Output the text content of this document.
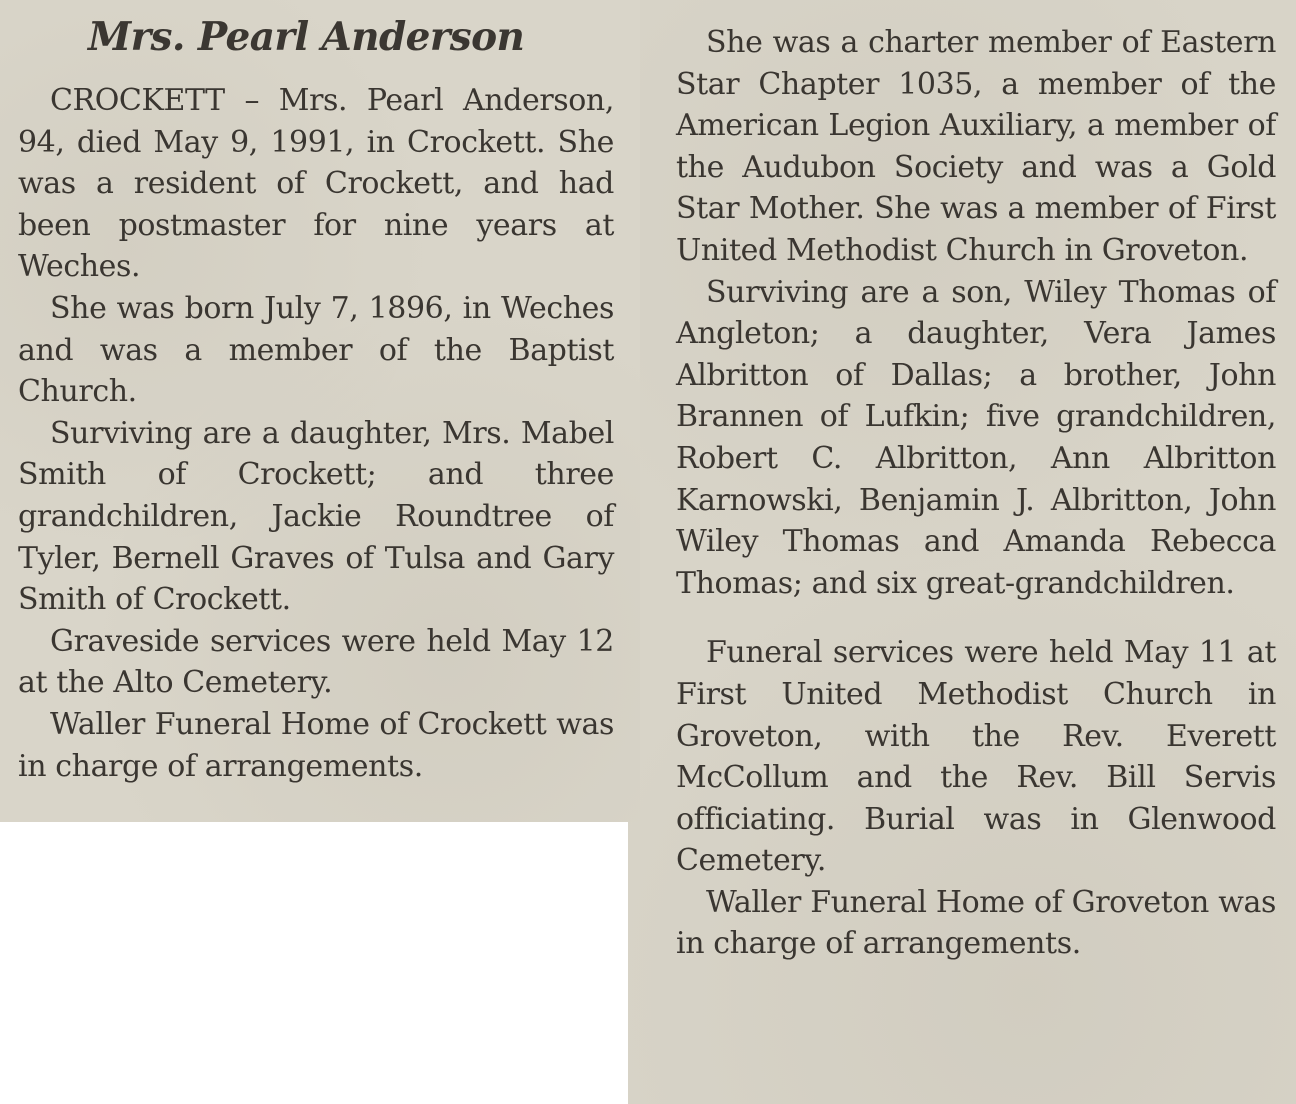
Mrs. Pearl Anderson

CROCKETT – Mrs. Pearl Anderson, 94, died May 9, 1991, in Crockett. She was a resident of Crockett, and had been postmaster for nine years at Weches.

She was born July 7, 1896, in Weches and was a member of the Baptist Church.

Surviving are a daughter, Mrs. Mabel Smith of Crockett; and three grandchildren, Jackie Roundtree of Tyler, Bernell Graves of Tulsa and Gary Smith of Crockett.

Graveside services were held May 12 at the Alto Cemetery.

Waller Funeral Home of Crockett was in charge of arrangements.

She was a charter member of Eastern Star Chapter 1035, a member of the American Legion Auxiliary, a member of the Audubon Society and was a Gold Star Mother. She was a member of First United Methodist Church in Groveton.

Surviving are a son, Wiley Thomas of Angleton; a daughter, Vera James Albritton of Dallas; a brother, John Brannen of Lufkin; five grandchildren, Robert C. Albritton, Ann Albritton Karnowski, Benjamin J. Albritton, John Wiley Thomas and Amanda Rebecca Thomas; and six great-grandchildren.

Funeral services were held May 11 at First United Methodist Church in Groveton, with the Rev. Everett McCollum and the Rev. Bill Servis officiating. Burial was in Glenwood Cemetery.

Waller Funeral Home of Groveton was in charge of arrangements.
